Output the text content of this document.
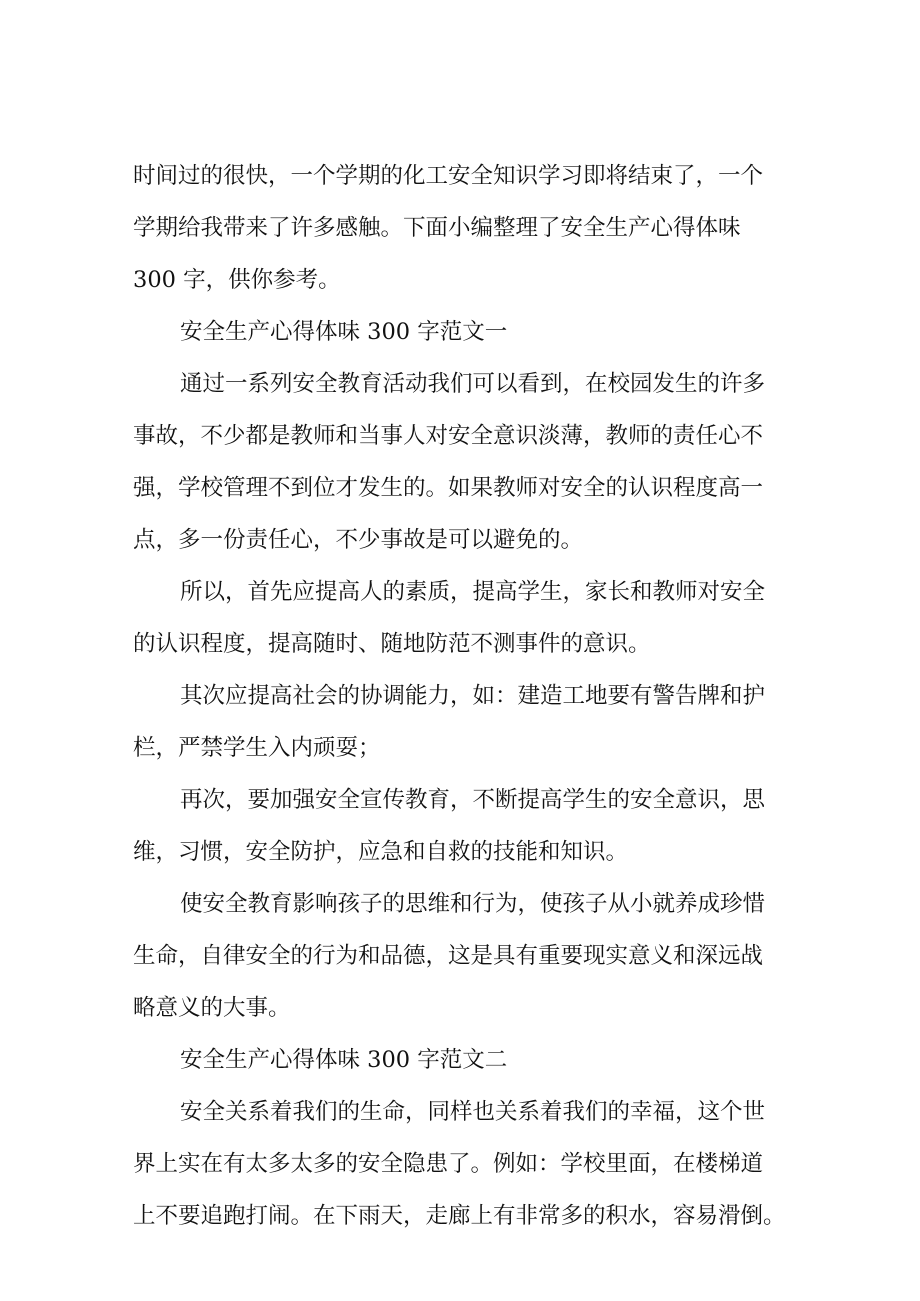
时间过的很快，一个学期的化工安全知识学习即将结束了，一个
学期给我带来了许多感触。下面小编整理了安全生产心得体味
300 字，供你参考。
安全生产心得体味 300 字范文一
通过一系列安全教育活动我们可以看到，在校园发生的许多
事故，不少都是教师和当事人对安全意识淡薄，教师的责任心不
强，学校管理不到位才发生的。如果教师对安全的认识程度高一
点，多一份责任心，不少事故是可以避免的。
所以，首先应提高人的素质，提高学生，家长和教师对安全
的认识程度，提高随时、随地防范不测事件的意识。
其次应提高社会的协调能力，如：建造工地要有警告牌和护
栏，严禁学生入内顽耍；
再次，要加强安全宣传教育，不断提高学生的安全意识，思
维，习惯，安全防护，应急和自救的技能和知识。
使安全教育影响孩子的思维和行为，使孩子从小就养成珍惜
生命，自律安全的行为和品德，这是具有重要现实意义和深远战
略意义的大事。
安全生产心得体味 300 字范文二
安全关系着我们的生命，同样也关系着我们的幸福，这个世
界上实在有太多太多的安全隐患了。例如：学校里面，在楼梯道
上不要追跑打闹。在下雨天，走廊上有非常多的积水，容易滑倒。
